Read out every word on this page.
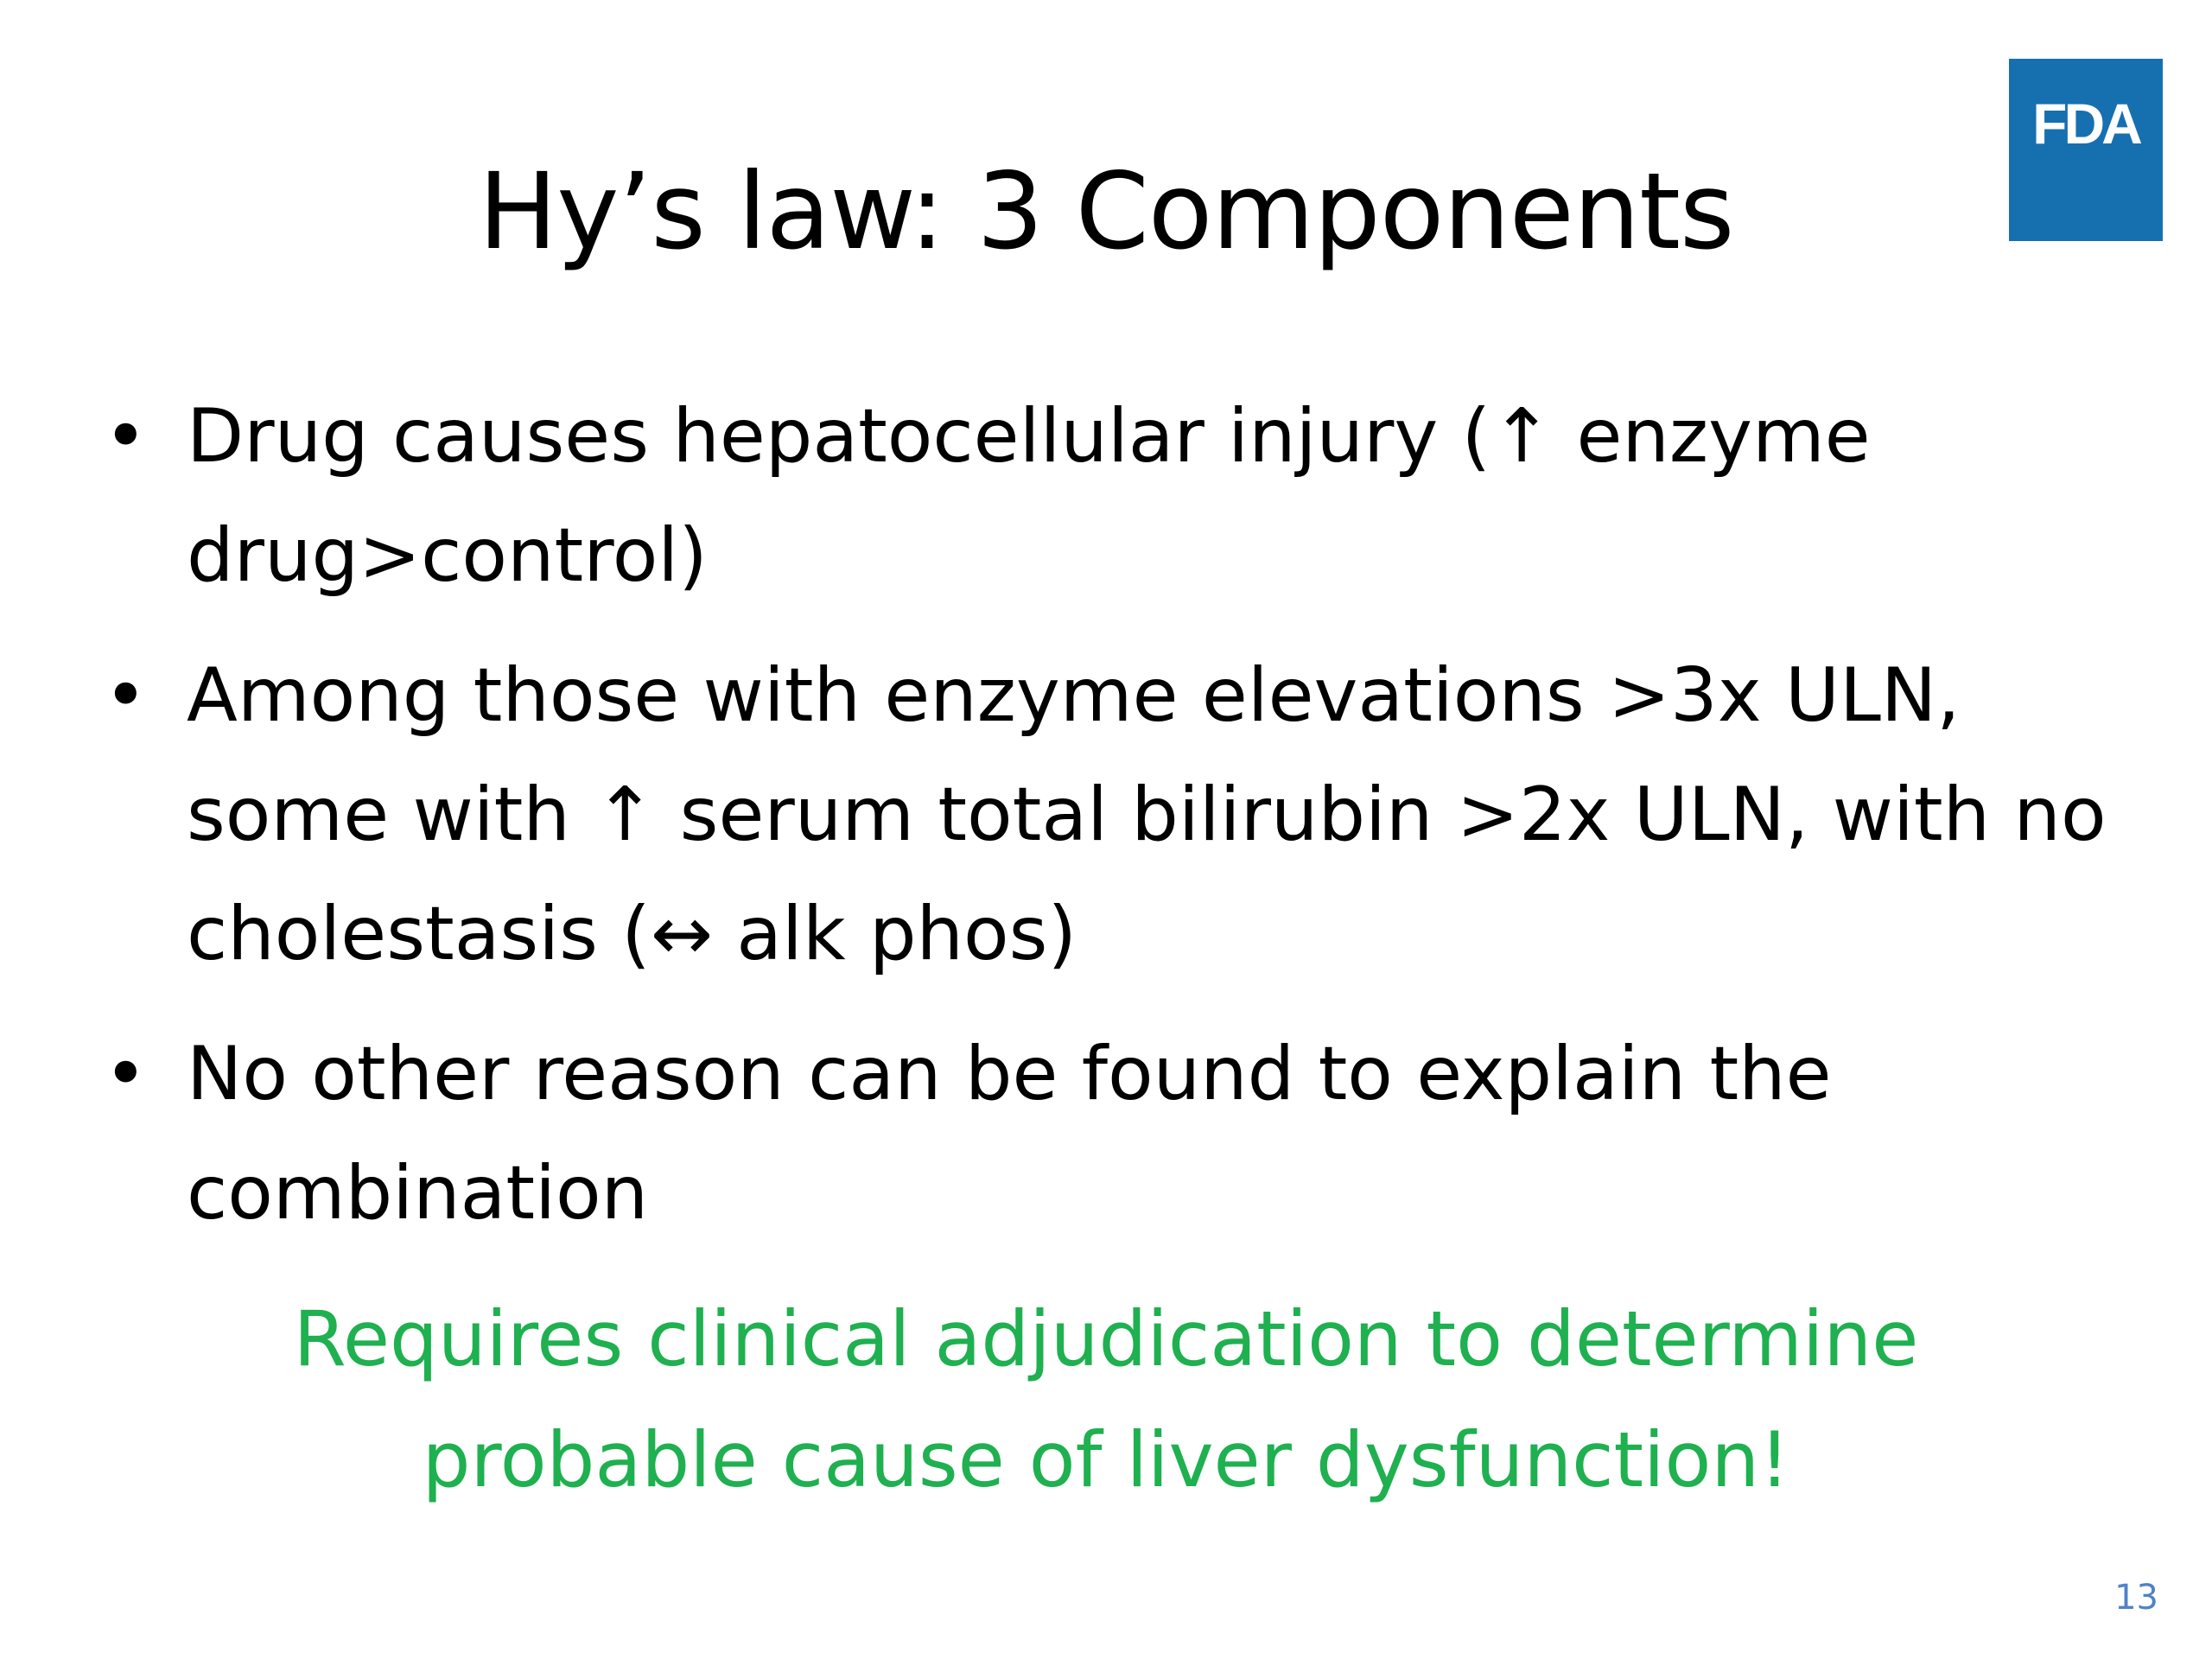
FDA
Hy’s law: 3 Components
• Drug causes hepatocellular injury (↑ enzyme drug>control)
• Among those with enzyme elevations >3x ULN, some with ↑ serum total bilirubin >2x ULN, with no cholestasis (↔ alk phos)
• No other reason can be found to explain the combination
Requires clinical adjudication to determine
probable cause of liver dysfunction!
13
